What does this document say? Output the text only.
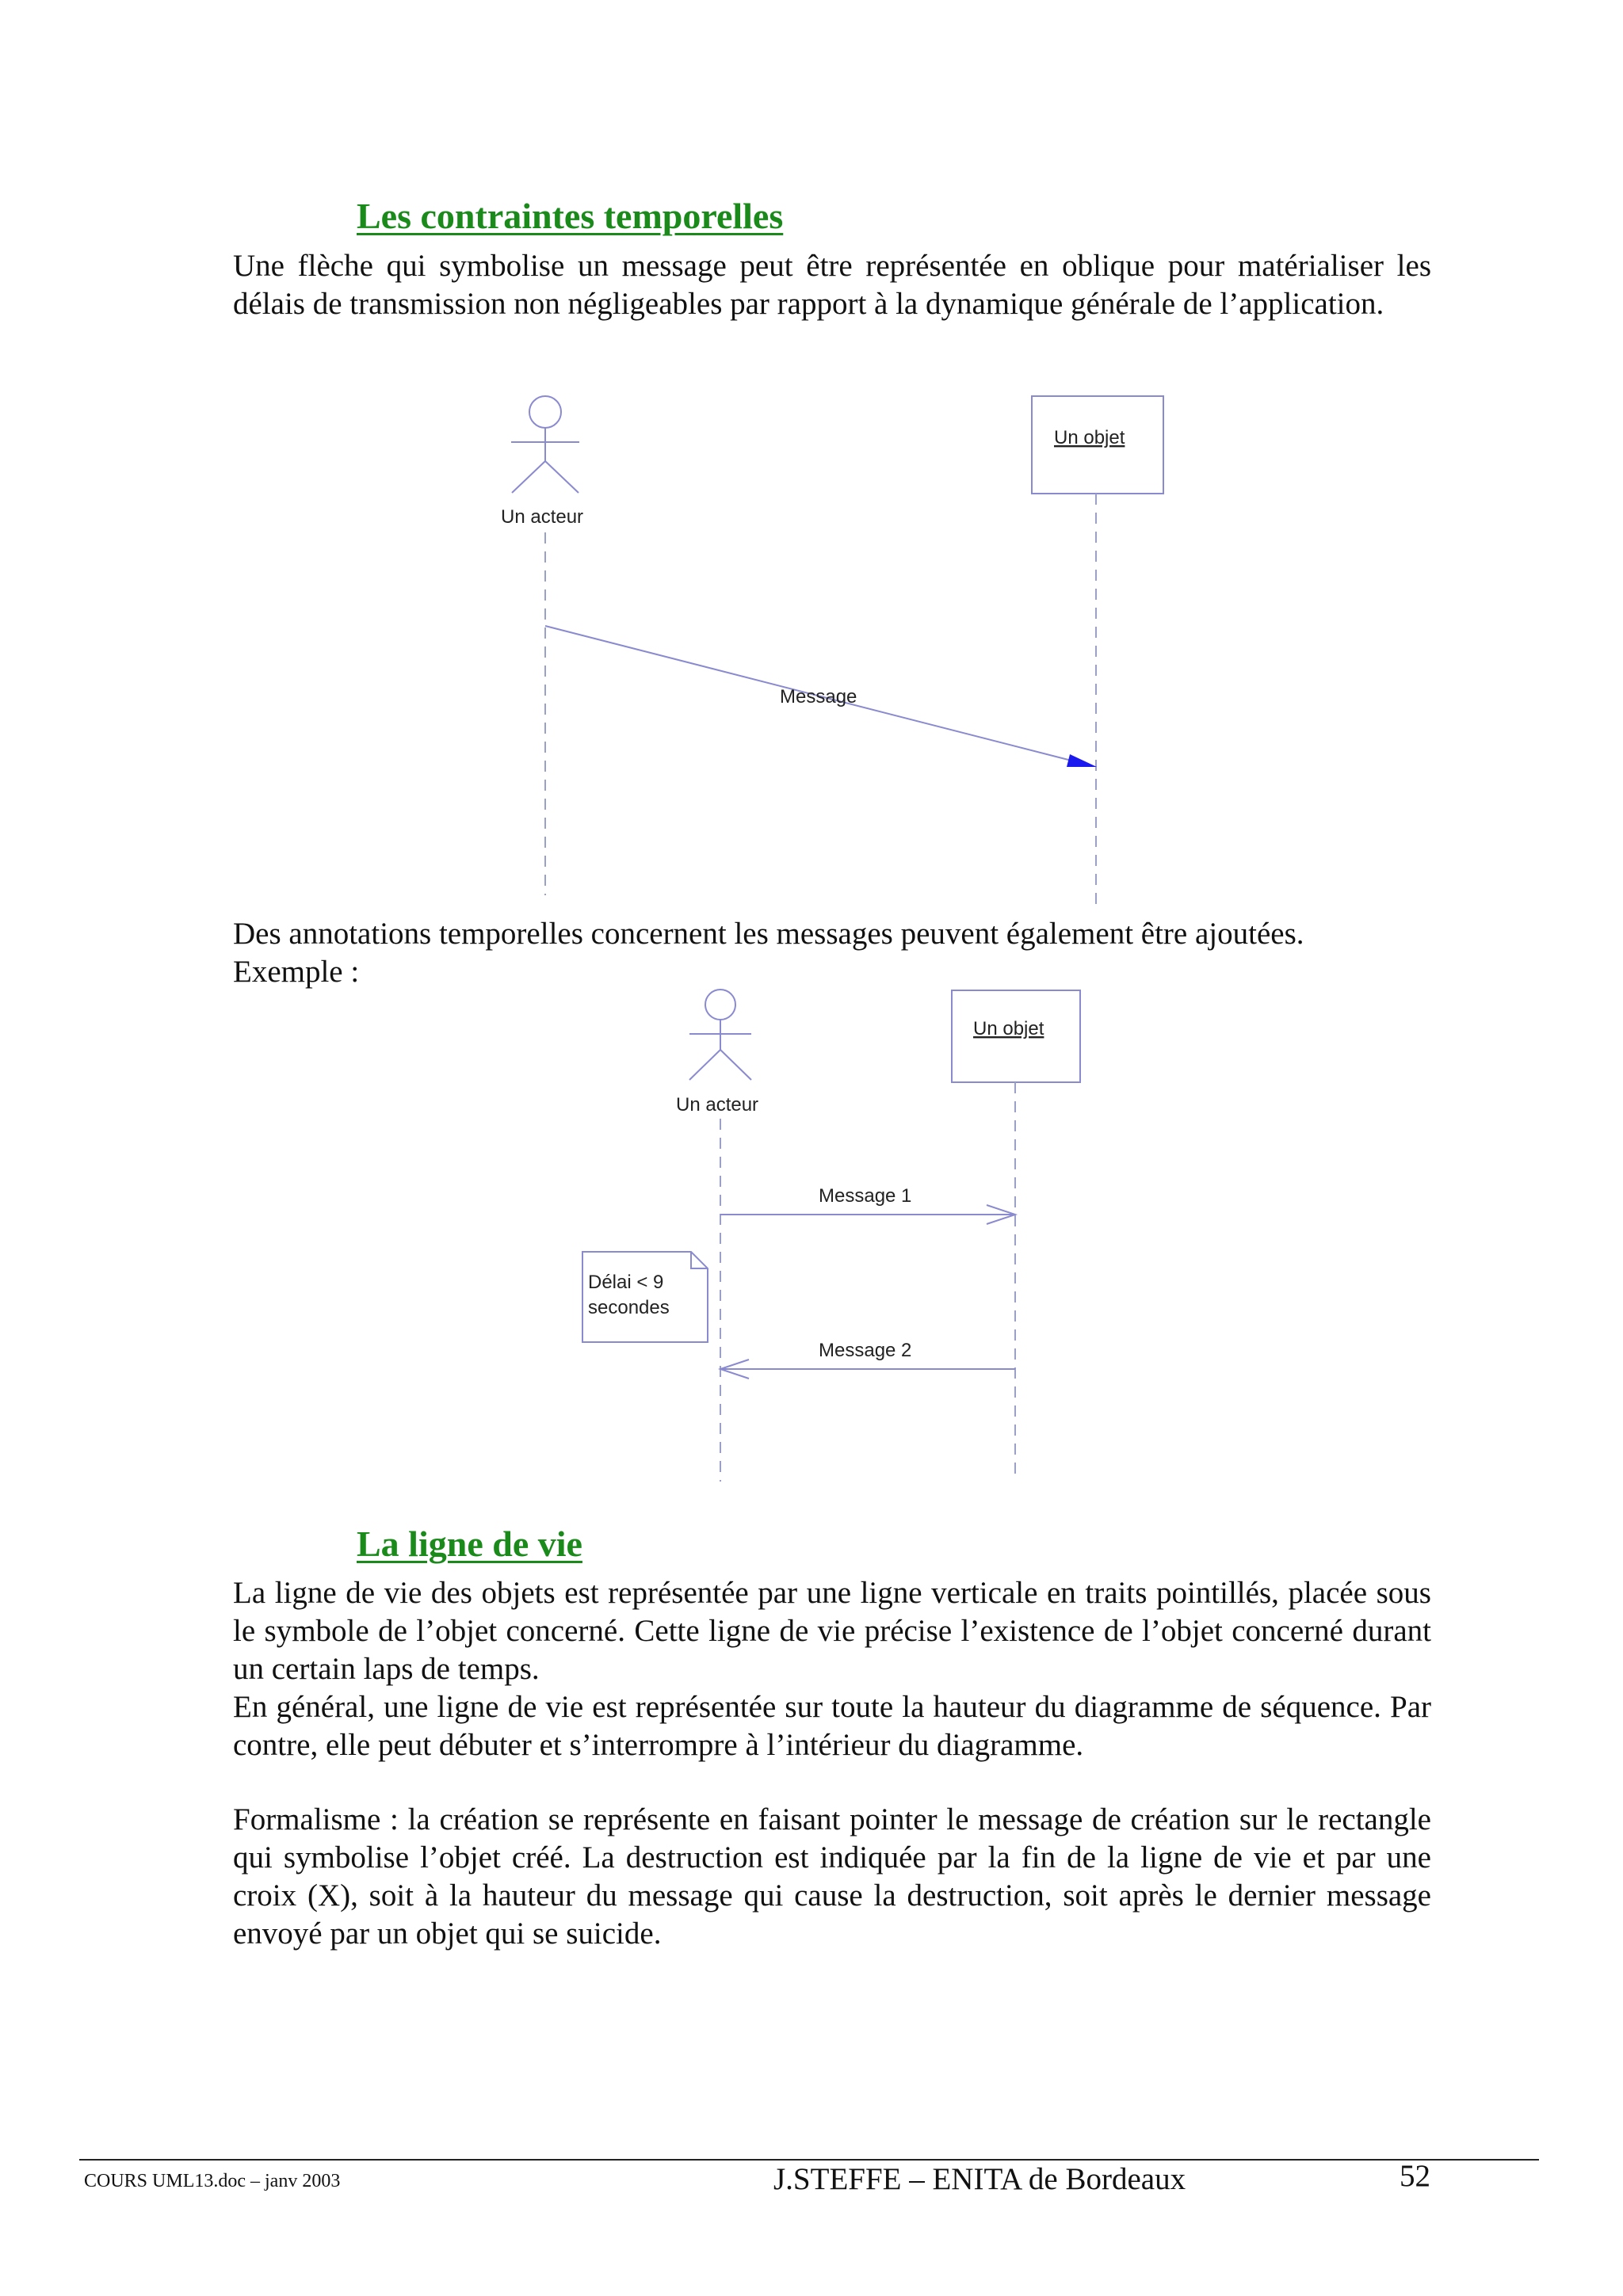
Les contraintes temporelles

Une flèche qui symbolise un message peut être représentée en oblique pour matérialiser les délais de transmission non négligeables par rapport à la dynamique générale de l’application.

Un acteur
Un objet
Message

Des annotations temporelles concernent les messages peuvent également être ajoutées.

Exemple :

Un acteur
Un objet
Message 1
Message 2
Délai < 9
secondes
La ligne de vie

La ligne de vie des objets est représentée par une ligne verticale en traits pointillés, placée sous le symbole de l’objet concerné. Cette ligne de vie précise l’existence de l’objet concerné durant un certain laps de temps.

En général, une ligne de vie est représentée sur toute la hauteur du diagramme de séquence. Par contre, elle peut débuter et s’interrompre à l’intérieur du diagramme.

Formalisme : la création se représente en faisant pointer le message de création sur le rectangle qui symbolise l’objet créé. La destruction est indiquée par la fin de la ligne de vie et par une croix (X), soit à la hauteur du message qui cause la destruction, soit après le dernier message envoyé par un objet qui se suicide.

COURS UML13.doc – janv 2003	J.STEFFE – ENITA de Bordeaux	52
